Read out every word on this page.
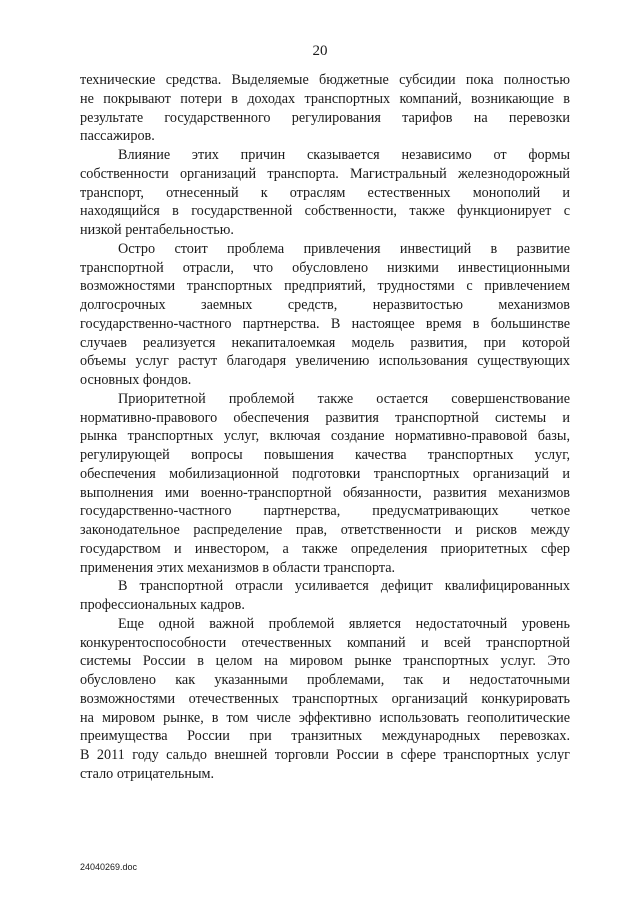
20
технические средства. Выделяемые бюджетные субсидии пока полностью
не покрывают потери в доходах транспортных компаний, возникающие в
результате государственного регулирования тарифов на перевозки
пассажиров.
Влияние этих причин сказывается независимо от формы
собственности организаций транспорта. Магистральный железнодорожный
транспорт, отнесенный к отраслям естественных монополий и
находящийся в государственной собственности, также функционирует с
низкой рентабельностью.
Остро стоит проблема привлечения инвестиций в развитие
транспортной отрасли, что обусловлено низкими инвестиционными
возможностями транспортных предприятий, трудностями с привлечением
долгосрочных заемных средств, неразвитостью механизмов
государственно-частного партнерства. В настоящее время в большинстве
случаев реализуется некапиталоемкая модель развития, при которой
объемы услуг растут благодаря увеличению использования существующих
основных фондов.
Приоритетной проблемой также остается совершенствование
нормативно-правового обеспечения развития транспортной системы и
рынка транспортных услуг, включая создание нормативно-правовой базы,
регулирующей вопросы повышения качества транспортных услуг,
обеспечения мобилизационной подготовки транспортных организаций и
выполнения ими военно-транспортной обязанности, развития механизмов
государственно-частного партнерства, предусматривающих четкое
законодательное распределение прав, ответственности и рисков между
государством и инвестором, а также определения приоритетных сфер
применения этих механизмов в области транспорта.
В транспортной отрасли усиливается дефицит квалифицированных
профессиональных кадров.
Еще одной важной проблемой является недостаточный уровень
конкурентоспособности отечественных компаний и всей транспортной
системы России в целом на мировом рынке транспортных услуг. Это
обусловлено как указанными проблемами, так и недостаточными
возможностями отечественных транспортных организаций конкурировать
на мировом рынке, в том числе эффективно использовать геополитические
преимущества России при транзитных международных перевозках.
В 2011 году сальдо внешней торговли России в сфере транспортных услуг
стало отрицательным.
24040269.doc
